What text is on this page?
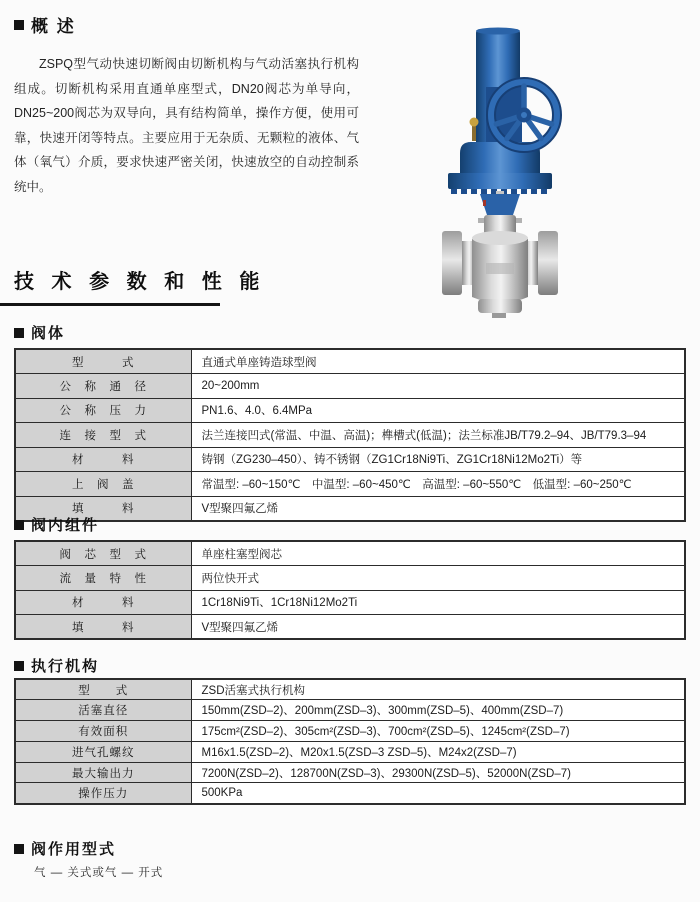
概 述
ZSPQ型气动快速切断阀由切断机构与气动活塞执行机构组成。切断机构采用直通单座型式，DN20阀芯为单导向，DN25~200阀芯为双导向，具有结构简单，操作方便，使用可靠，快速开闭等特点。主要应用于无杂质、无颗粒的液体、气体（氧气）介质，要求快速严密关闭，快速放空的自动控制系统中。
技 术 参 数 和 性 能
阀体
型　　　式	直通式单座铸造球型阀
公　称　通　径	20~200mm
公　称　压　力	PN1.6、4.0、6.4MPa
连　接　型　式	法兰连接凹式(常温、中温、高温)；榫槽式(低温)；法兰标准JB/T79.2–94、JB/T79.3–94
材　　　料	铸钢（ZG230–450）、铸不锈钢（ZG1Cr18Ni9Ti、ZG1Cr18Ni12Mo2Ti）等
上　阀　盖	常温型: –60~150℃　中温型: –60~450℃　高温型: –60~550℃　低温型: –60~250℃
填　　　料	V型聚四氟乙烯
阀内组件
阀　芯　型　式	单座柱塞型阀芯
流　量　特　性	两位快开式
材　　　料	1Cr18Ni9Ti、1Cr18Ni12Mo2Ti
填　　　料	V型聚四氟乙烯
执行机构
型　　式	ZSD活塞式执行机构
活塞直径	150mm(ZSD–2)、200mm(ZSD–3)、300mm(ZSD–5)、400mm(ZSD–7)
有效面积	175cm²(ZSD–2)、305cm²(ZSD–3)、700cm²(ZSD–5)、1245cm²(ZSD–7)
进气孔螺纹	M16x1.5(ZSD–2)、M20x1.5(ZSD–3 ZSD–5)、M24x2(ZSD–7)
最大输出力	7200N(ZSD–2)、128700N(ZSD–3)、29300N(ZSD–5)、52000N(ZSD–7)
操作压力	500KPa
阀作用型式
气 — 关式或气 — 开式
